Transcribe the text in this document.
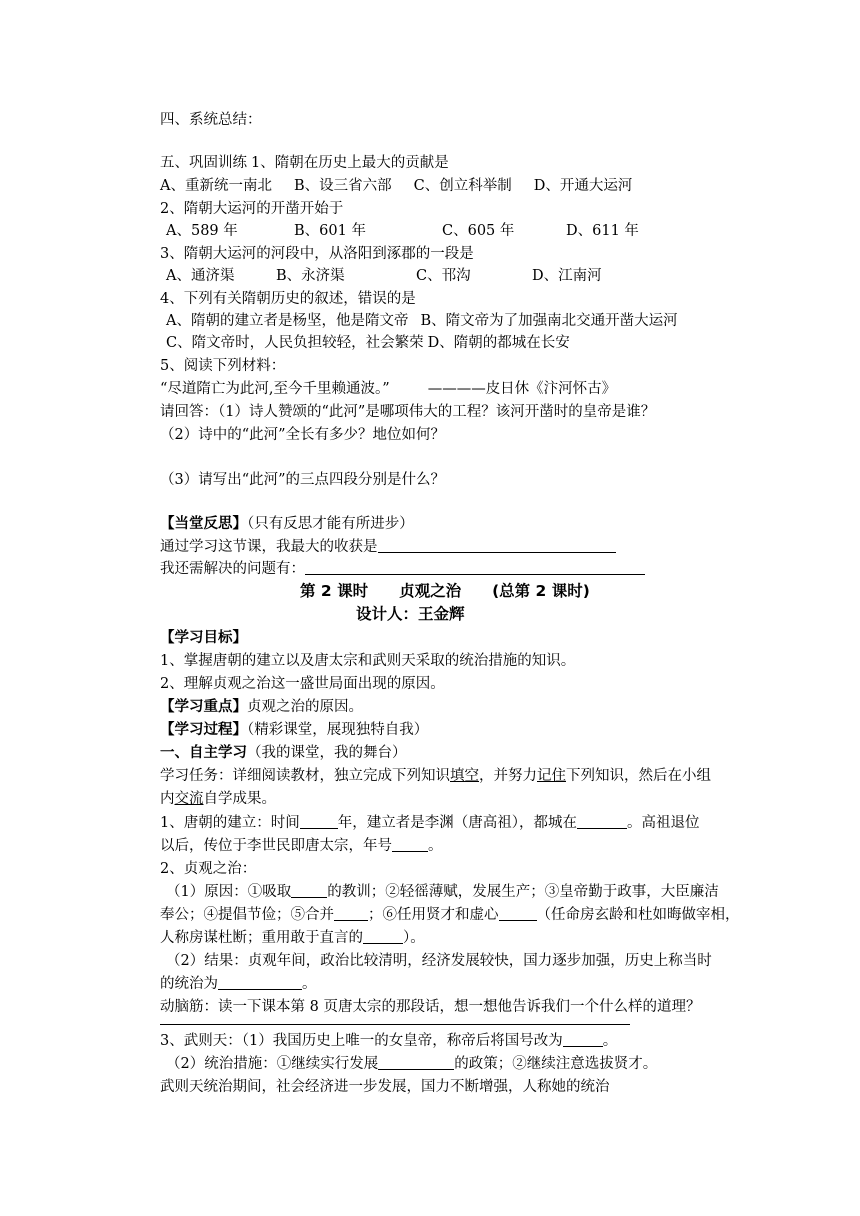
四、系统总结：
五、巩固训练 1、隋朝在历史上最大的贡献是
A、重新统一南北 B、设三省六部 C、创立科举制 D、开通大运河
2、隋朝大运河的开凿开始于
A、589 年	B、601 年	C、605 年	D、611 年
3、隋朝大运河的河段中，从洛阳到涿郡的一段是
A、通济渠	B、永济渠	C、邗沟	D、江南河
4、下列有关隋朝历史的叙述，错误的是
A、隋朝的建立者是杨坚，他是隋文帝 B、隋文帝为了加强南北交通开凿大运河
C、隋文帝时，人民负担较轻，社会繁荣 D、隋朝的都城在长安
5、阅读下列材料：
“尽道隋亡为此河,至今千里赖通波。”	————皮日休《汴河怀古》
请回答：（1）诗人赞颂的“此河”是哪项伟大的工程？该河开凿时的皇帝是谁？
（2）诗中的“此河”全长有多少？地位如何？
（3）请写出“此河”的三点四段分别是什么？
【当堂反思】（只有反思才能有所进步）
通过学习这节课，我最大的收获是
我还需解决的问题有：
第 2 课时　　贞观之治　　(总第 2 课时)
设计人：王金辉
【学习目标】
1、掌握唐朝的建立以及唐太宗和武则天采取的统治措施的知识。
2、理解贞观之治这一盛世局面出现的原因。
【学习重点】贞观之治的原因。
【学习过程】（精彩课堂，展现独特自我）
一、自主学习（我的课堂，我的舞台）
学习任务：详细阅读教材，独立完成下列知识填空，并努力记住下列知识，然后在小组
内交流自学成果。
1、唐朝的建立：时间	年，建立者是李渊（唐高祖），都城在	。高祖退位
以后，传位于李世民即唐太宗，年号 。
2、贞观之治：
（1）原因：①吸取 的教训；②轻徭薄赋，发展生产；③皇帝勤于政事，大臣廉洁
奉公；④提倡节俭；⑤合并 ；⑥任用贤才和虚心	（任命房玄龄和杜如晦做宰相，
人称房谋杜断；重用敢于直言的	）。
（2）结果：贞观年间，政治比较清明，经济发展较快，国力逐步加强，历史上称当时
的统治为	。
动脑筋：读一下课本第 8 页唐太宗的那段话，想一想他告诉我们一个什么样的道理？
3、武则天：（1）我国历史上唯一的女皇帝，称帝后将国号改为	。
（2）统治措施：①继续实行发展	的政策；②继续注意选拔贤才。
武则天统治期间，社会经济进一步发展，国力不断增强，人称她的统治
